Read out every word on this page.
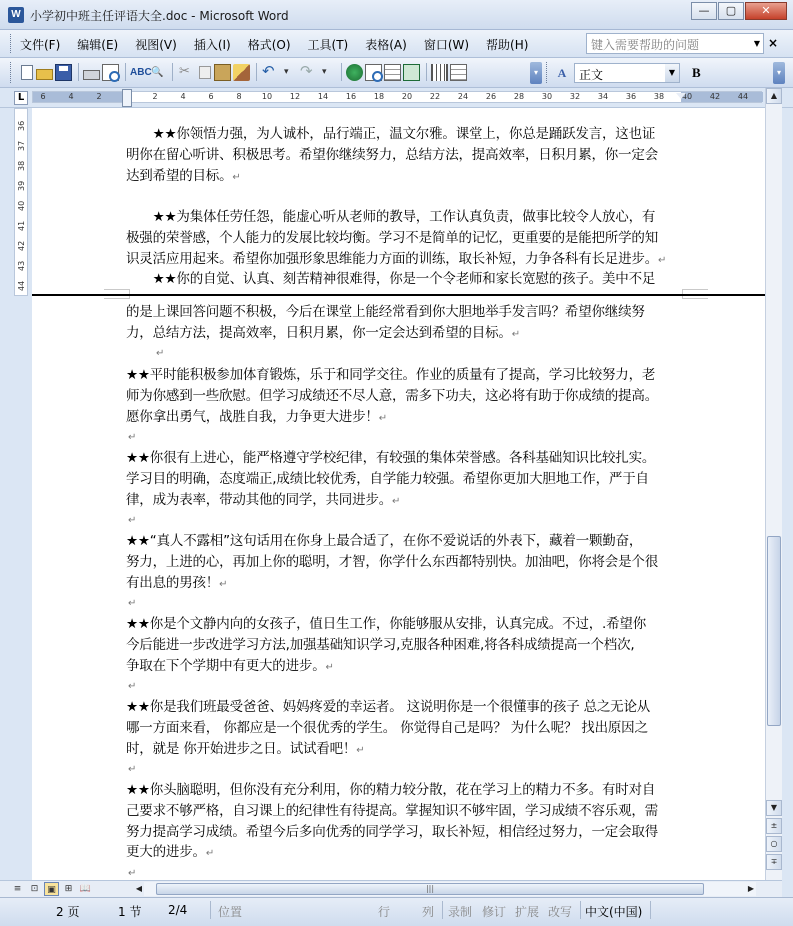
W 小学初中班主任评语大全.doc - Microsoft Word	—	▢	✕
文件(F) 编辑(E) 视图(V) 插入(I) 格式(O) 工具(T) 表格(A) 窗口(W) 帮助(H)	键入需要帮助的问题	▼ ×
ABC 🔍 ✂ ↶ ▾ ↷ ▾	▾	A	正文	▼	B	▾
L	6	4	2	2	4	6	8	10 12 14 16 18 20 22 24 26 28 30 32 34 36 38 40 42 44
36
37
38
39
40
41
42
43
44
　　★★你领悟力强，为人诚朴，品行端正，温文尔雅。课堂上，你总是踊跃发言，这也证
明你在留心听讲、积极思考。希望你继续努力，总结方法，提高效率，日积月累，你一定会
达到希望的目标。↵
　　★★为集体任劳任怨，能虚心听从老师的教导，工作认真负责，做事比较令人放心，有
极强的荣誉感，个人能力的发展比较均衡。学习不是简单的记忆，更重要的是能把所学的知
识灵活应用起来。希望你加强形象思维能力方面的训练，取长补短，力争各科有长足进步。↵
　　★★你的自觉、认真、刻苦精神很难得，你是一个令老师和家长宽慰的孩子。美中不足
的是上课回答问题不积极，今后在课堂上能经常看到你大胆地举手发言吗？希望你继续努
力，总结方法，提高效率，日积月累，你一定会达到希望的目标。↵
↵
★★平时能积极参加体育锻炼，乐于和同学交往。作业的质量有了提高，学习比较努力，老
师为你感到一些欣慰。但学习成绩还不尽人意，需多下功夫，这必将有助于你成绩的提高。
愿你拿出勇气，战胜自我，力争更大进步！↵
↵
★★你很有上进心，能严格遵守学校纪律，有较强的集体荣誉感。各科基础知识比较扎实。
学习目的明确，态度端正,成绩比较优秀，自学能力较强。希望你更加大胆地工作，严于自
律，成为表率，带动其他的同学，共同进步。↵
↵
★★“真人不露相”这句话用在你身上最合适了，在你不爱说话的外表下，藏着一颗勤奋，
努力，上进的心，再加上你的聪明，才智，你学什么东西都特别快。加油吧，你将会是个很
有出息的男孩！↵
↵
★★你是个文静内向的女孩子，值日生工作，你能够服从安排，认真完成。不过，.希望你
今后能进一步改进学习方法,加强基础知识学习,克服各种困难,将各科成绩提高一个档次,
争取在下个学期中有更大的进步。↵
↵
★★你是我们班最受爸爸、妈妈疼爱的幸运者。 这说明你是一个很懂事的孩子 总之无论从
哪一方面来看， 你都应是一个很优秀的学生。 你觉得自己是吗？ 为什么呢？ 找出原因之
时，就是 你开始进步之日。试试看吧！↵
↵
★★你头脑聪明，但你没有充分利用，你的精力较分散，花在学习上的精力不多。有时对自
己要求不够严格，自习课上的纪律性有待提高。掌握知识不够牢固，学习成绩不容乐观，需
努力提高学习成绩。希望今后多向优秀的同学学习，取长补短，相信经过努力，一定会取得
更大的进步。↵
↵
▲
▼
±
○
∓
≡	⊡ ▣ ⊞ 📖	◀	|||	▶
2 页	1 节 2/4	位置	行	列 录制 修订 扩展 改写 中文(中国)
